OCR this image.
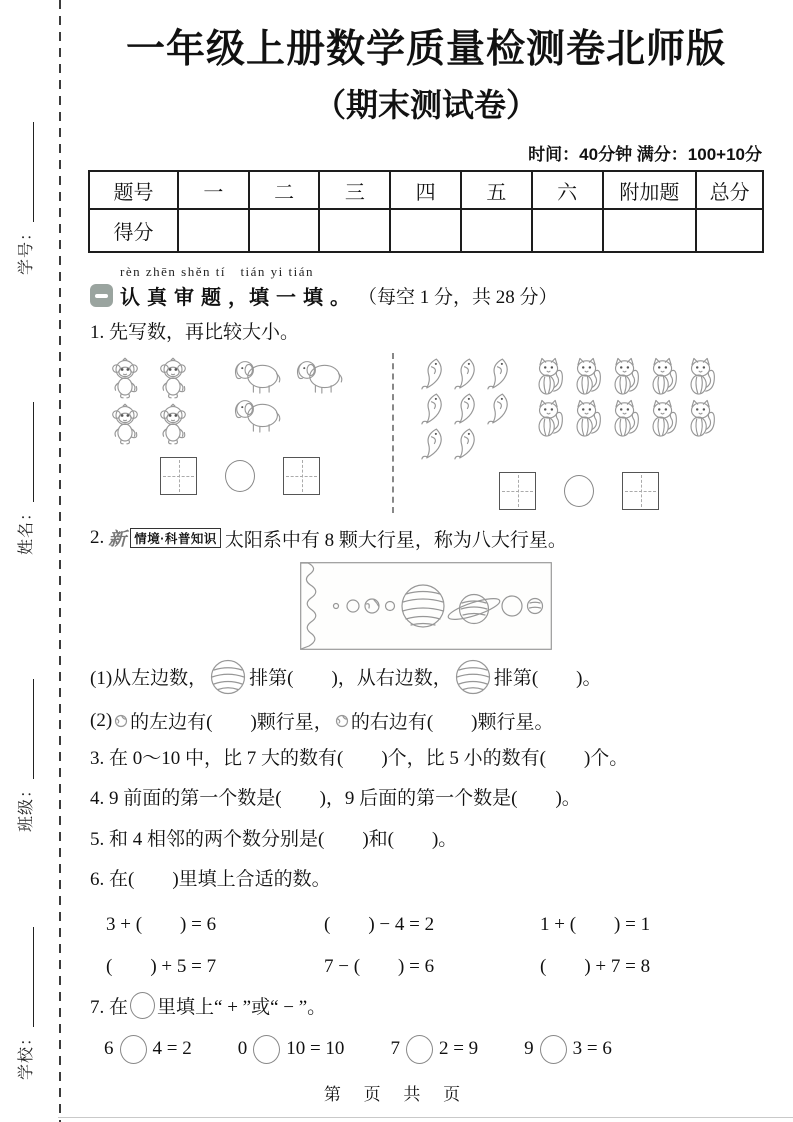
学号：
姓名：
班级：
学校：
一年级上册数学质量检测卷北师版
（期末测试卷）
时间：40分钟 满分：100+10分
题号	一	二	三	四	五	六	附加题	总分
得分								
rèn zhēn shěn tí　tián yi tián
认 真 审 题 ，填 一 填 。 （每空 1 分，共 28 分）
1. 先写数，再比较大小。
2. 新 情境·科普知识 太阳系中有 8 颗大行星，称为八大行星。
(1)从左边数， 排第(　　)，从右边数， 排第(　　)。
(2) 的左边有(　　)颗行星， 的右边有(　　)颗行星。
3. 在 0～10 中，比 7 大的数有(　　)个，比 5 小的数有(　　)个。
4. 9 前面的第一个数是(　　)，9 后面的第一个数是(　　)。
5. 和 4 相邻的两个数分别是(　　)和(　　)。
6. 在(　　)里填上合适的数。
3 + (　　) = 6	(　　) − 4 = 2	1 + (　　) = 1
(　　) + 5 = 7	7 − (　　) = 6	(　　) + 7 = 8
7. 在 里填上“ + ”或“ − ”。
6 4 = 2 0 10 = 10 7 2 = 9 9 3 = 6
第 页 共 页
